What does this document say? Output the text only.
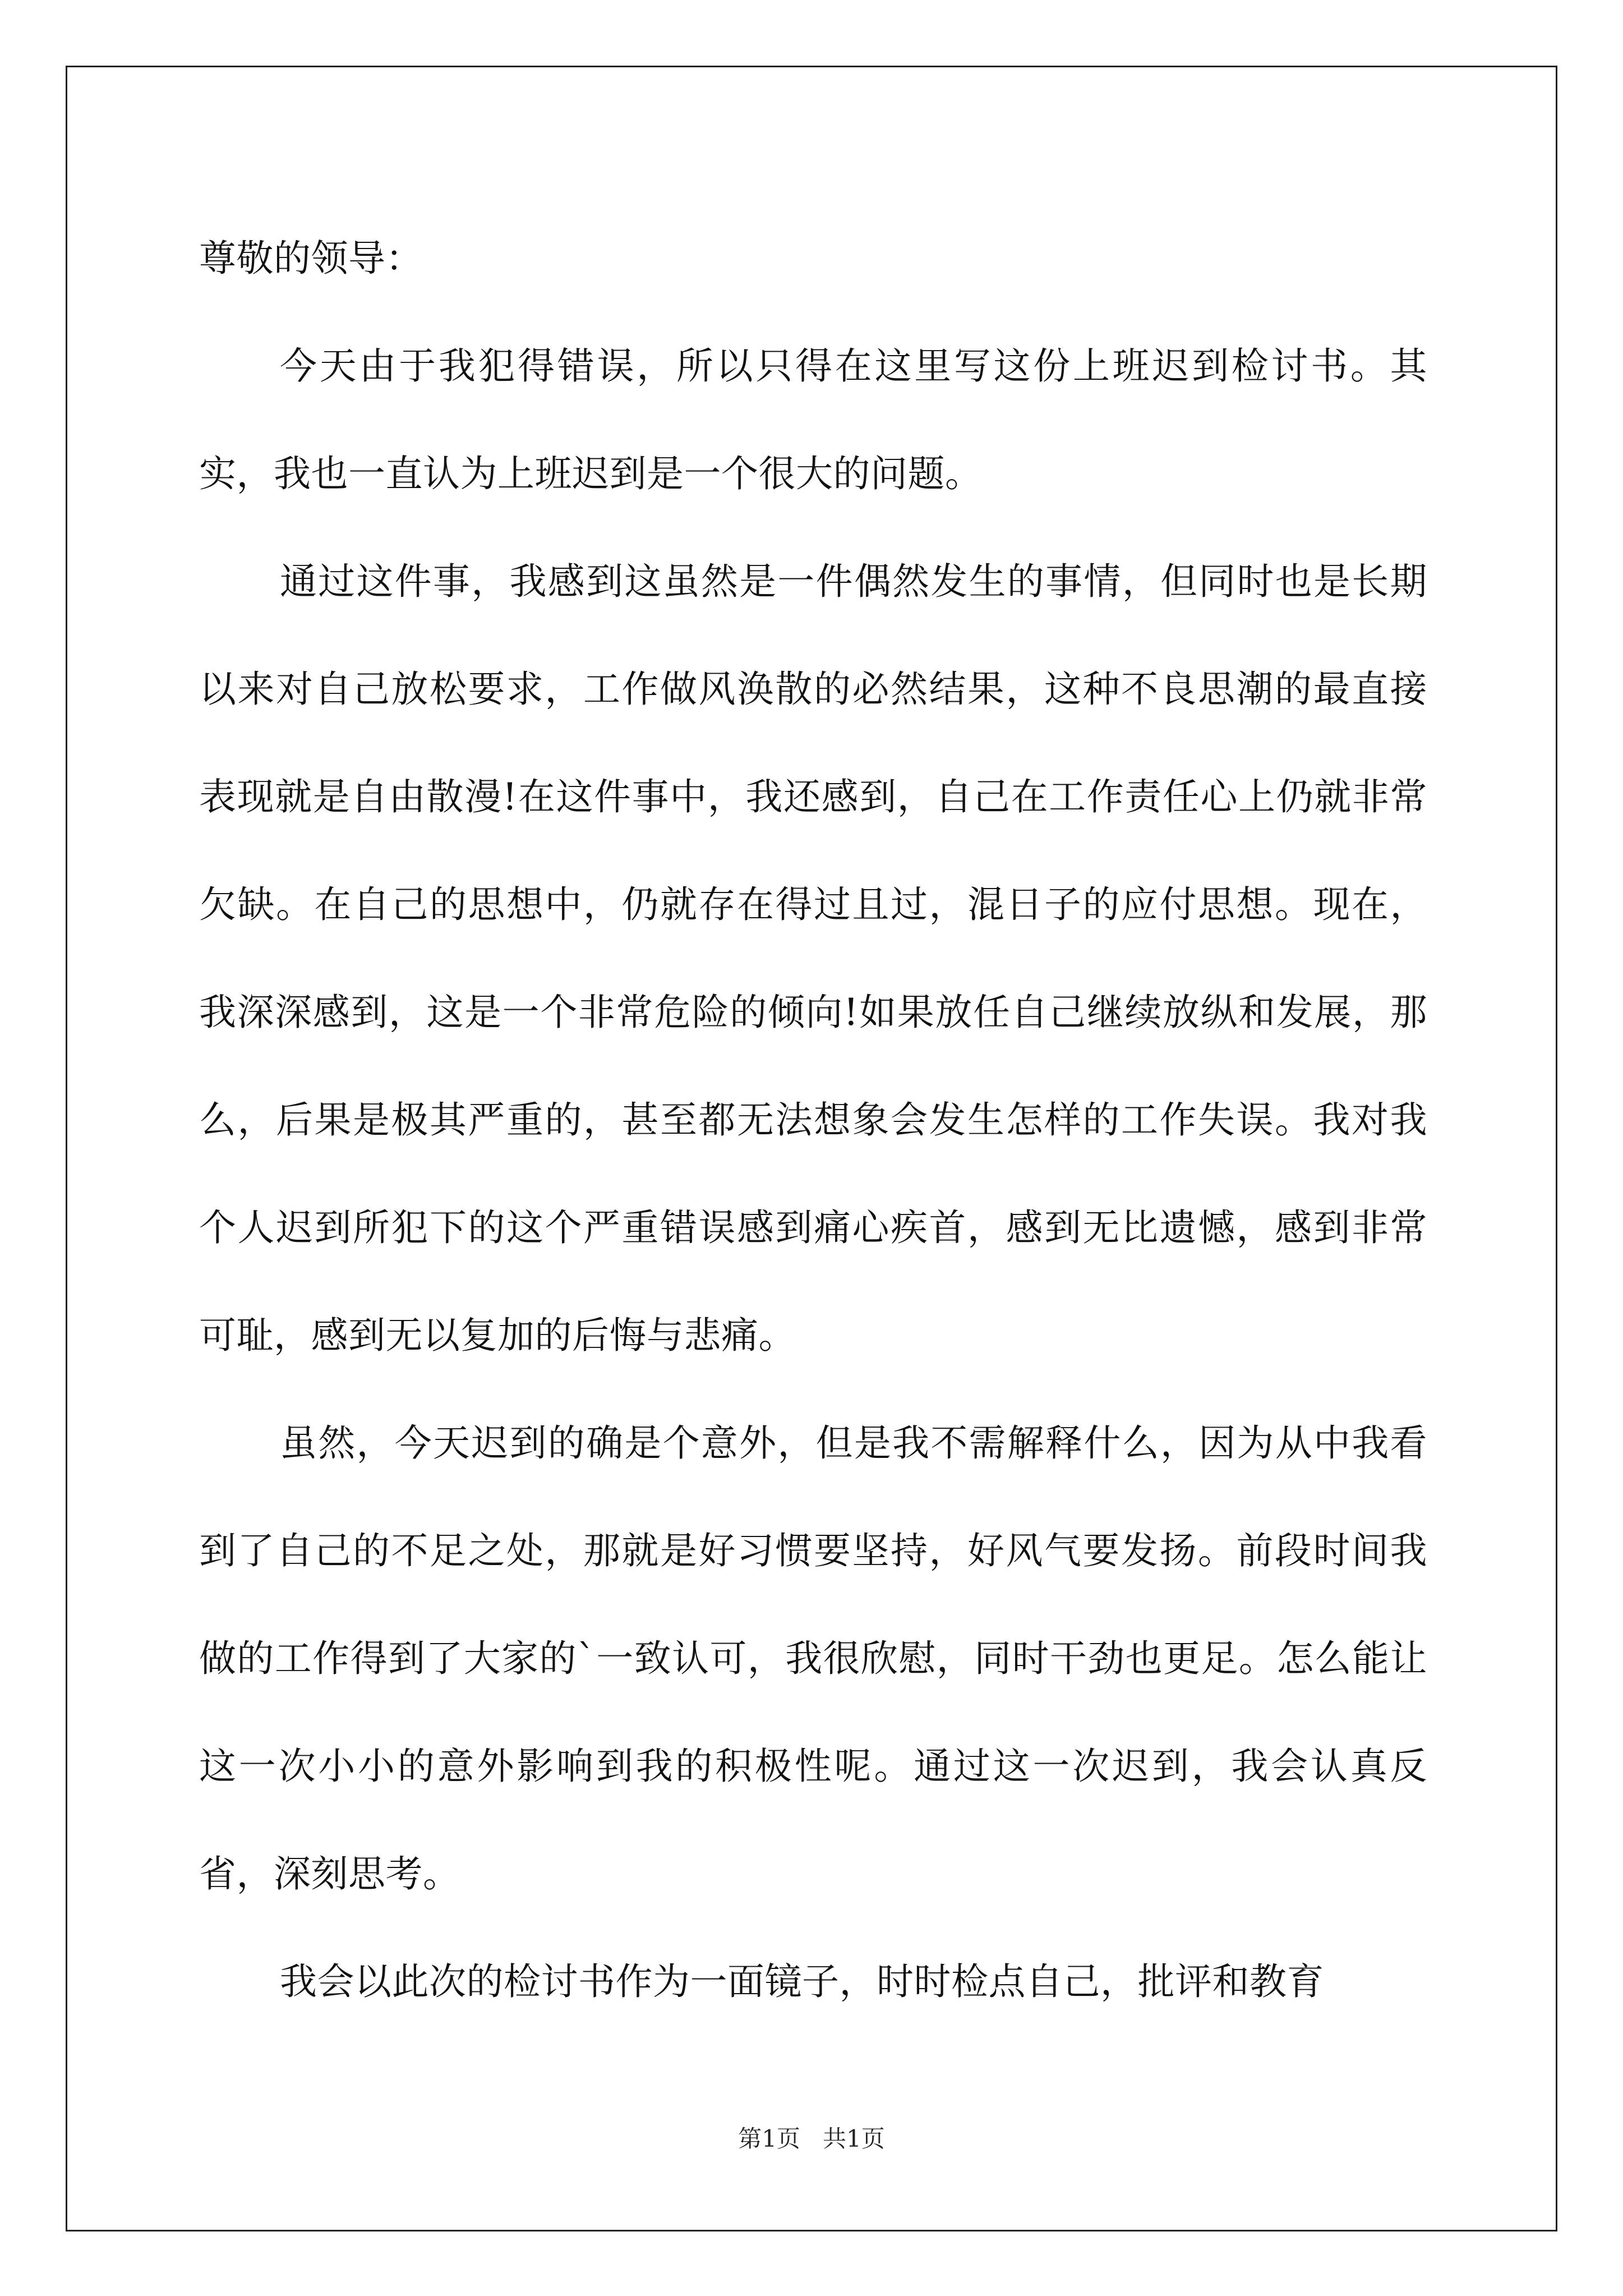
尊敬的领导：

今天由于我犯得错误，所以只得在这里写这份上班迟到检讨书。其实，我也一直认为上班迟到是一个很大的问题。

通过这件事，我感到这虽然是一件偶然发生的事情，但同时也是长期以来对自己放松要求，工作做风涣散的必然结果，这种不良思潮的最直接表现就是自由散漫!在这件事中，我还感到，自己在工作责任心上仍就非常欠缺。在自己的思想中，仍就存在得过且过，混日子的应付思想。现在，我深深感到，这是一个非常危险的倾向!如果放任自己继续放纵和发展，那么，后果是极其严重的，甚至都无法想象会发生怎样的工作失误。我对我个人迟到所犯下的这个严重错误感到痛心疾首，感到无比遗憾，感到非常可耻，感到无以复加的后悔与悲痛。

虽然，今天迟到的确是个意外，但是我不需解释什么，因为从中我看到了自己的不足之处，那就是好习惯要坚持，好风气要发扬。前段时间我做的工作得到了大家的`一致认可，我很欣慰，同时干劲也更足。怎么能让这一次小小的意外影响到我的积极性呢。通过这一次迟到，我会认真反省，深刻思考。

我会以此次的检讨书作为一面镜子，时时检点自己，批评和教育

第1页 共1页
